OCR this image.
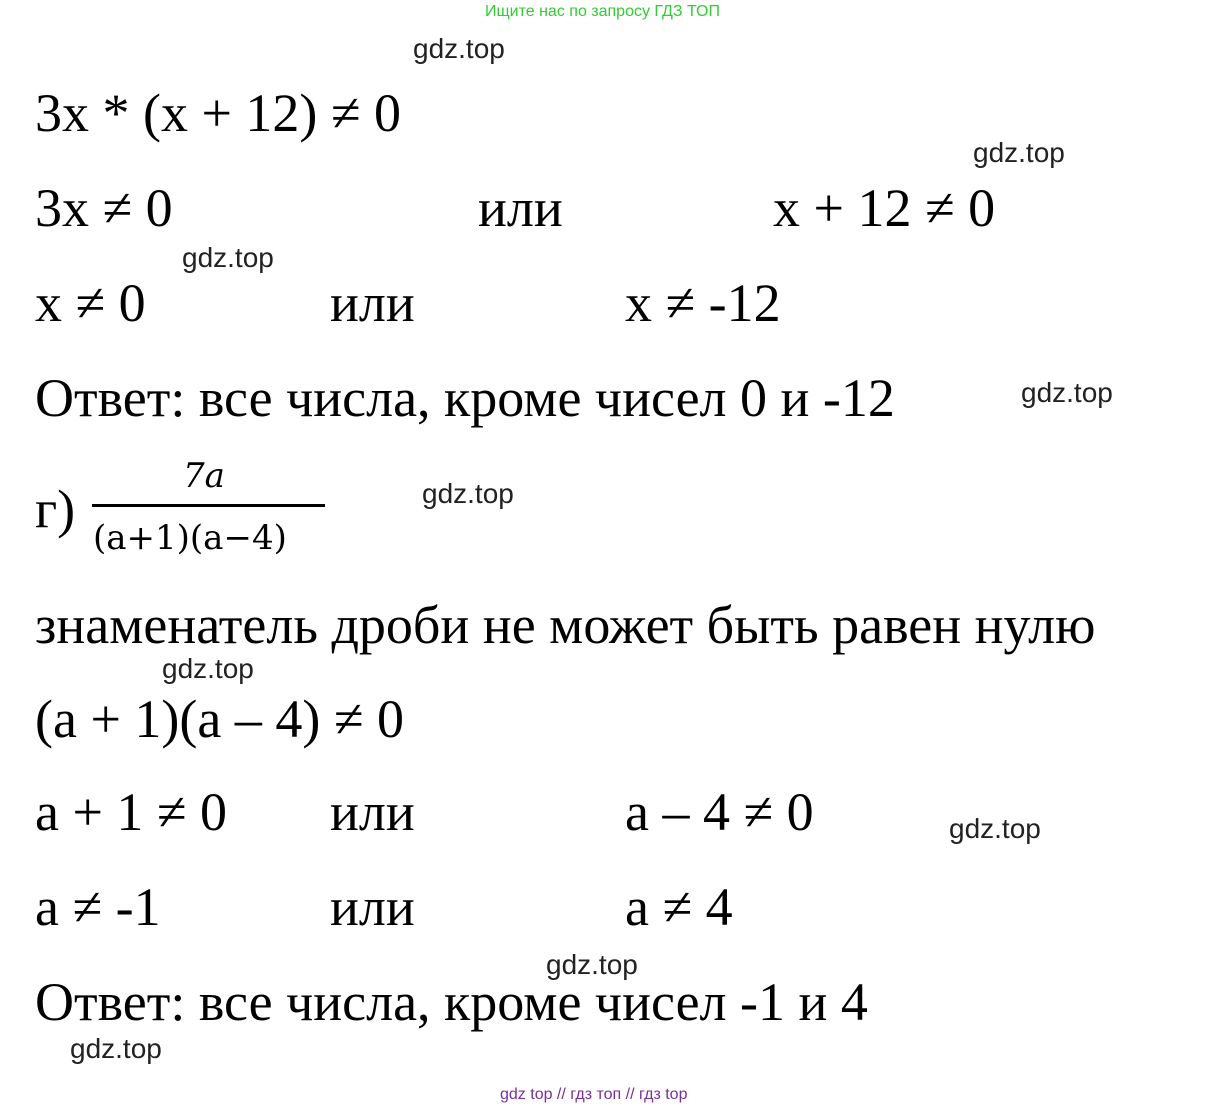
Ищите нас по запросу ГДЗ ТОП
gdz.top
gdz.top
gdz.top
gdz.top
gdz.top
gdz.top
gdz.top
gdz.top
gdz.top
3x * (x + 12) ≠ 0
3x ≠ 0	или	x + 12 ≠ 0
x ≠ 0	или	x ≠ -12
Ответ: все числа, кроме чисел 0 и -12
г)
7a
(a+1)(a−4)
знаменатель дроби не может быть равен нулю
(a + 1)(a – 4) ≠ 0
a + 1 ≠ 0 или	a – 4 ≠ 0
a ≠ -1	или	a ≠ 4
Ответ: все числа, кроме чисел -1 и 4
gdz top // гдз топ // гдз top
